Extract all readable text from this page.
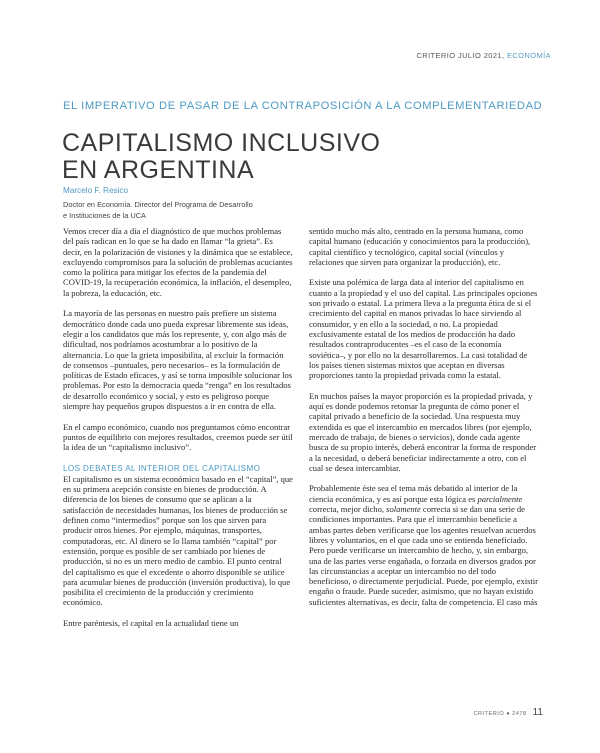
CRITERIO JULIO 2021, ECONOMÍA
EL IMPERATIVO DE PASAR DE LA CONTRAPOSICIÓN A LA COMPLEMENTARIEDAD
CAPITALISMO INCLUSIVO
EN ARGENTINA
Marcelo F. Resico
Doctor en Economía. Director del Programa de Desarrollo
e Instituciones de la UCA

Vemos crecer día a día el diagnóstico de que muchos problemas del país radican en lo que se ha dado en llamar “la grieta”. Es decir, en la polarización de visiones y la dinámica que se establece, excluyendo compromisos para la solución de problemas acuciantes como la política para mitigar los efectos de la pandemia del COVID-19, la recuperación económica, la inflación, el desempleo, la pobreza, la educación, etc.

La mayoría de las personas en nuestro país prefiere un sistema democrático donde cada uno pueda expresar libremente sus ideas, elegir a los candidatos que más los represente, y, con algo más de dificultad, nos podríamos acostumbrar a lo positivo de la alternancia. Lo que la grieta imposibilita, al excluir la formación de consensos –puntuales, pero necesarios– es la formulación de políticas de Estado eficaces, y así se torna imposible solucionar los problemas. Por esto la democracia queda “renga” en los resultados de desarrollo económico y social, y esto es peligroso porque siempre hay pequeños grupos dispuestos a ir en contra de ella.

En el campo económico, cuando nos preguntamos cómo encontrar puntos de equilibrio con mejores resultados, creemos puede ser útil la idea de un “capitalismo inclusivo”.

LOS DEBATES AL INTERIOR DEL CAPITALISMO

El capitalismo es un sistema económico basado en el “capital”, que en su primera acepción consiste en bienes de producción. A diferencia de los bienes de consumo que se aplican a la satisfacción de necesidades humanas, los bienes de producción se definen como “intermedios” porque son los que sirven para producir otros bienes. Por ejemplo, máquinas, transportes, computadoras, etc. Al dinero se lo llama también “capital” por extensión, porque es posible de ser cambiado por bienes de producción, si no es un mero medio de cambio. El punto central del capitalismo es que el excedente o ahorro disponible se utilice para acumular bienes de producción (inversión productiva), lo que posibilita el crecimiento de la producción y crecimiento económico.

Entre paréntesis, el capital en la actualidad tiene un

sentido mucho más alto, centrado en la persona humana, como capital humano (educación y conocimientos para la producción), capital científico y tecnológico, capital social (vínculos y relaciones que sirven para organizar la producción), etc.

Existe una polémica de larga data al interior del capitalismo en cuanto a la propiedad y el uso del capital. Las principales opciones son privado o estatal. La primera lleva a la pregunta ética de si el crecimiento del capital en manos privadas lo hace sirviendo al consumidor, y en ello a la sociedad, o no. La propiedad exclusivamente estatal de los medios de producción ha dado resultados contraproducentes –es el caso de la economía soviética–, y por ello no la desarrollaremos. La casi totalidad de los países tienen sistemas mixtos que aceptan en diversas proporciones tanto la propiedad privada como la estatal.

En muchos países la mayor proporción es la propiedad privada, y aquí es donde podemos retomar la pregunta de cómo poner el capital privado a beneficio de la sociedad. Una respuesta muy extendida es que el intercambio en mercados libres (por ejemplo, mercado de trabajo, de bienes o servicios), donde cada agente busca de su propio interés, deberá encontrar la forma de responder a la necesidad, o deberá beneficiar indirectamente a otro, con el cual se desea intercambiar.

Probablemente éste sea el tema más debatido al interior de la ciencia económica, y es así porque esta lógica es parcialmente correcta, mejor dicho, solamente correcta si se dan una serie de condiciones importantes. Para que el intercambio beneficie a ambas partes deben verificarse que los agentes resuelvan acuerdos libres y voluntarios, en el que cada uno se entienda beneficiado. Pero puede verificarse un intercambio de hecho, y, sin embargo, una de las partes verse engañada, o forzada en diversos grados por las circunstancias a aceptar un intercambio no del todo beneficioso, o directamente perjudicial. Puede, por ejemplo, existir engaño o fraude. Puede suceder, asimismo, que no hayan existido suficientes alternativas, es decir, falta de competencia. El caso más

CRITERIO ● 2478 11
